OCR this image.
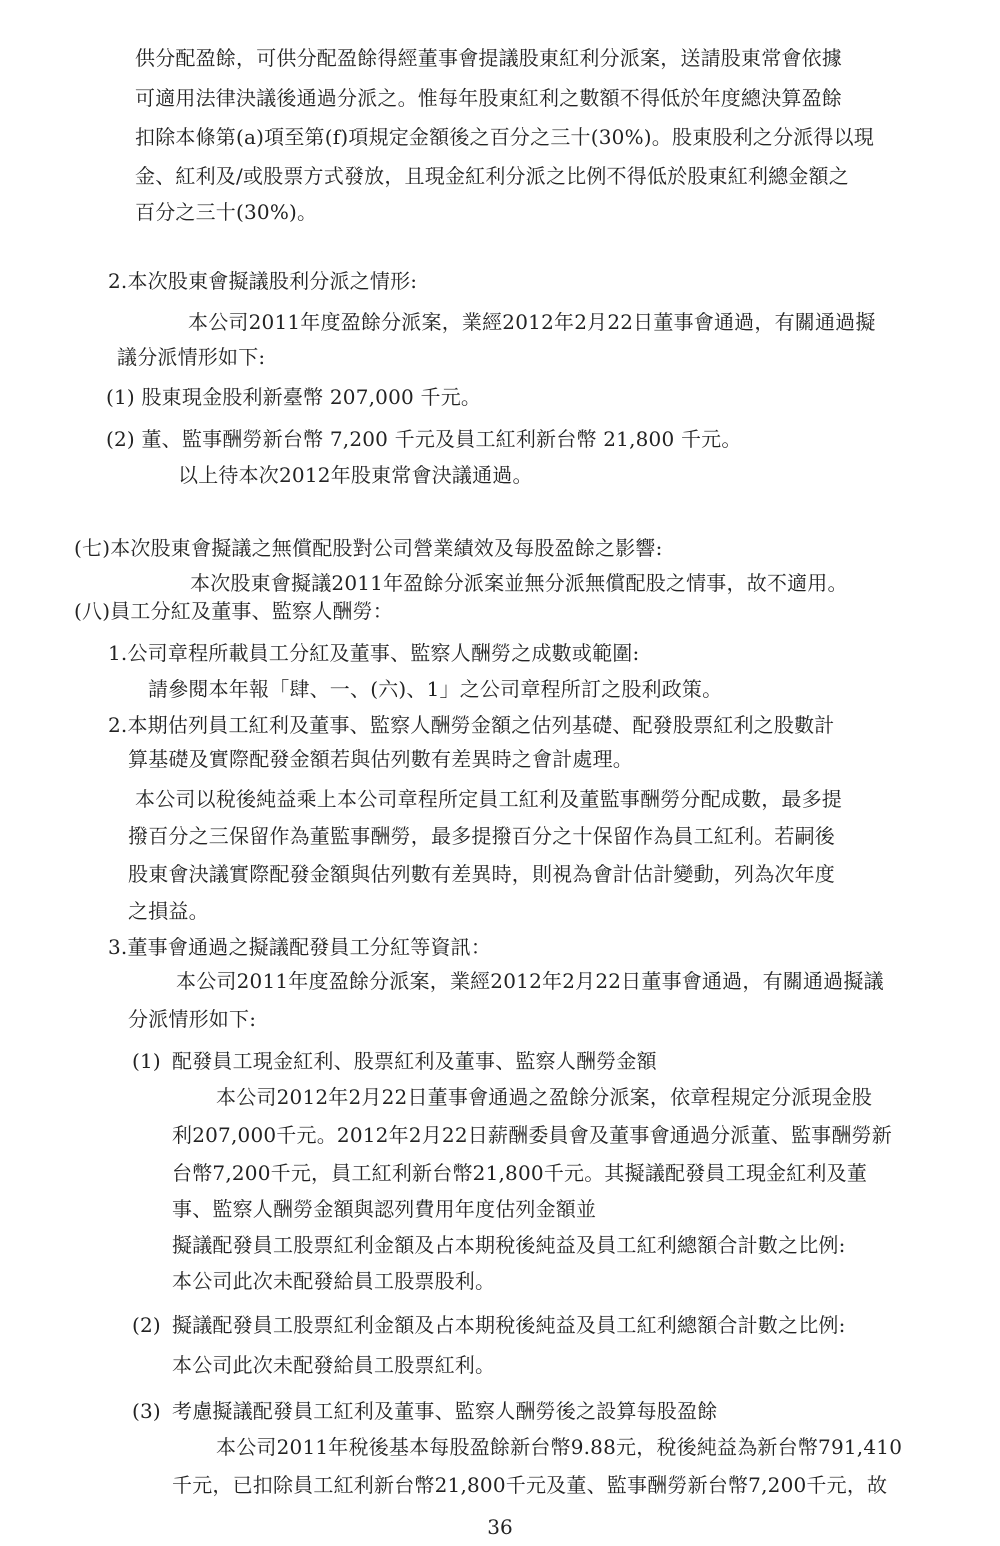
供分配盈餘，可供分配盈餘得經董事會提議股東紅利分派案，送請股東常會依據
可適用法律決議後通過分派之。惟每年股東紅利之數額不得低於年度總決算盈餘
扣除本條第(a)項至第(f)項規定金額後之百分之三十(30%)。股東股利之分派得以現
金、紅利及/或股票方式發放，且現金紅利分派之比例不得低於股東紅利總金額之
百分之三十(30%)。
2.本次股東會擬議股利分派之情形:
本公司2011年度盈餘分派案，業經2012年2月22日董事會通過，有關通過擬
議分派情形如下:
(1) 股東現金股利新臺幣 207,000 千元。
(2) 董、監事酬勞新台幣 7,200 千元及員工紅利新台幣 21,800 千元。
以上待本次2012年股東常會決議通過。
(七)本次股東會擬議之無償配股對公司營業績效及每股盈餘之影響:
本次股東會擬議2011年盈餘分派案並無分派無償配股之情事，故不適用。
(八)員工分紅及董事、監察人酬勞：
1.公司章程所載員工分紅及董事、監察人酬勞之成數或範圍:
請參閱本年報「肆、一、(六)、1」之公司章程所訂之股利政策。
2.本期估列員工紅利及董事、監察人酬勞金額之估列基礎、配發股票紅利之股數計
算基礎及實際配發金額若與估列數有差異時之會計處理。
本公司以稅後純益乘上本公司章程所定員工紅利及董監事酬勞分配成數，最多提
撥百分之三保留作為董監事酬勞，最多提撥百分之十保留作為員工紅利。若嗣後
股東會決議實際配發金額與估列數有差異時，則視為會計估計變動，列為次年度
之損益。
3.董事會通過之擬議配發員工分紅等資訊：
本公司2011年度盈餘分派案，業經2012年2月22日董事會通過，有關通過擬議
分派情形如下:
(1) 配發員工現金紅利、股票紅利及董事、監察人酬勞金額
本公司2012年2月22日董事會通過之盈餘分派案，依章程規定分派現金股
利207,000千元。2012年2月22日薪酬委員會及董事會通過分派董、監事酬勞新
台幣7,200千元，員工紅利新台幣21,800千元。其擬議配發員工現金紅利及董
事、監察人酬勞金額與認列費用年度估列金額並
擬議配發員工股票紅利金額及占本期稅後純益及員工紅利總額合計數之比例:
本公司此次未配發給員工股票股利。
(2) 擬議配發員工股票紅利金額及占本期稅後純益及員工紅利總額合計數之比例:
本公司此次未配發給員工股票紅利。
(3) 考慮擬議配發員工紅利及董事、監察人酬勞後之設算每股盈餘
本公司2011年稅後基本每股盈餘新台幣9.88元，稅後純益為新台幣791,410
千元，已扣除員工紅利新台幣21,800千元及董、監事酬勞新台幣7,200千元，故
36
